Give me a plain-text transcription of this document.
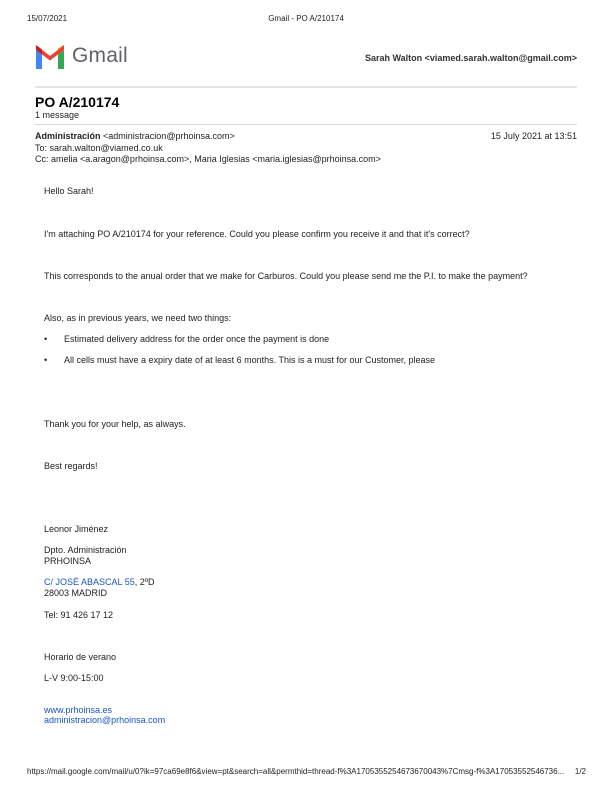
15/07/2021	Gmail - PO A/210174
Gmail	Sarah Walton <viamed.sarah.walton@gmail.com>
PO A/210174
1 message
Administración <administracion@prhoinsa.com>	15 July 2021 at 13:51
To: sarah.walton@viamed.co.uk
Cc: amelia <a.aragon@prhoinsa.com>, Maria Iglesias <maria.iglesias@prhoinsa.com>
Hello Sarah!
I'm attaching PO A/210174 for your reference. Could you please confirm you receive it and that it's correct?
This corresponds to the anual order that we make for Carburos. Could you please send me the P.I. to make the payment?
Also, as in previous years, we need two things:
• Estimated delivery address for the order once the payment is done
• All cells must have a expiry date of at least 6 months. This is a must for our Customer, please
Thank you for your help, as always.
Best regards!
Leonor Jiménez
Dpto. Administración
PRHOINSA
C/ JOSÉ ABASCAL 55, 2ºD
28003 MADRID
Tel: 91 426 17 12
Horario de verano
L-V 9:00-15:00
www.prhoinsa.es
administracion@prhoinsa.com
https://mail.google.com/mail/u/0?ik=97ca69e8f6&view=pt&search=all&permthid=thread-f%3A1705355254673670043%7Cmsg-f%3A17053552546736... 1/2
